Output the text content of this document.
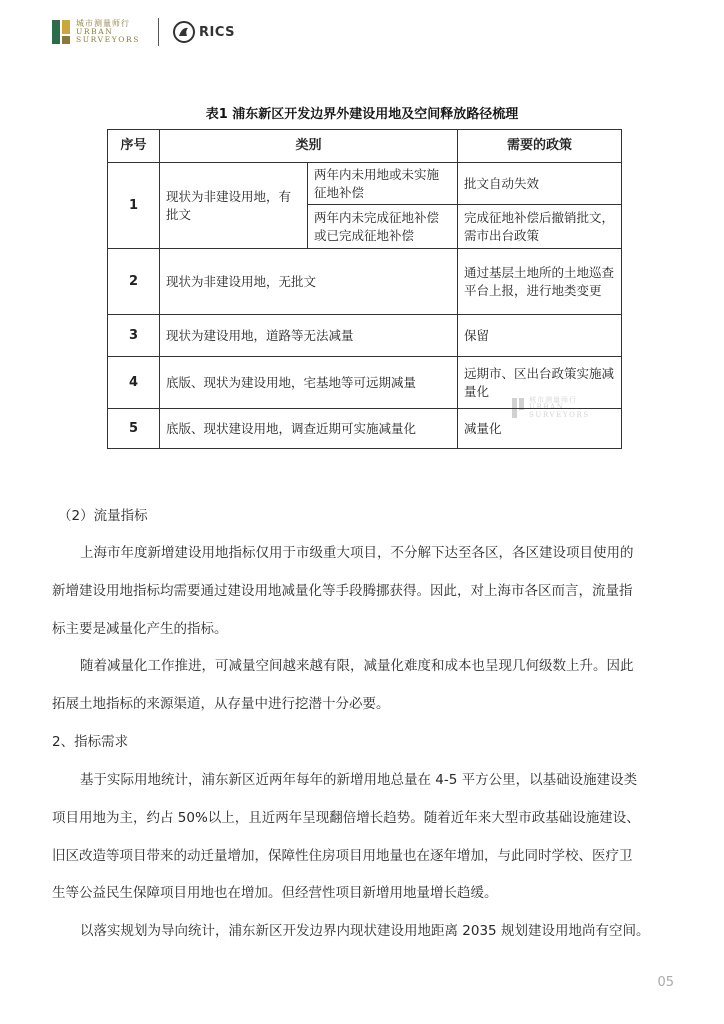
城市测量师行
URBAN
SURVEYORS
RICS
表1 浦东新区开发边界外建设用地及空间释放路径梳理
序号	类别		需要的政策
1	现状为非建设用地，有批文	两年内未用地或未实施征地补偿	批文自动失效
		两年内未完成征地补偿或已完成征地补偿	完成征地补偿后撤销批文，需市出台政策
2	现状为非建设用地，无批文		通过基层土地所的土地巡查平台上报，进行地类变更
3	现状为建设用地，道路等无法减量		保留
4	底版、现状为建设用地，宅基地等可远期减量		远期市、区出台政策实施减量化
5	底版、现状建设用地，调查近期可实施减量化		减量化
城市测量师行
URBAN
SURVEYORS

（2）流量指标

上海市年度新增建设用地指标仅用于市级重大项目，不分解下达至各区，各区建设项目使用的

新增建设用地指标均需要通过建设用地减量化等手段腾挪获得。因此，对上海市各区而言，流量指

标主要是减量化产生的指标。

随着减量化工作推进，可减量空间越来越有限，减量化难度和成本也呈现几何级数上升。因此

拓展土地指标的来源渠道，从存量中进行挖潜十分必要。

2、指标需求

基于实际用地统计，浦东新区近两年每年的新增用地总量在 4-5 平方公里，以基础设施建设类

项目用地为主，约占 50%以上，且近两年呈现翻倍增长趋势。随着近年来大型市政基础设施建设、

旧区改造等项目带来的动迁量增加，保障性住房项目用地量也在逐年增加，与此同时学校、医疗卫

生等公益民生保障项目用地也在增加。但经营性项目新增用地量增长趋缓。

以落实规划为导向统计，浦东新区开发边界内现状建设用地距离 2035 规划建设用地尚有空间。

05
